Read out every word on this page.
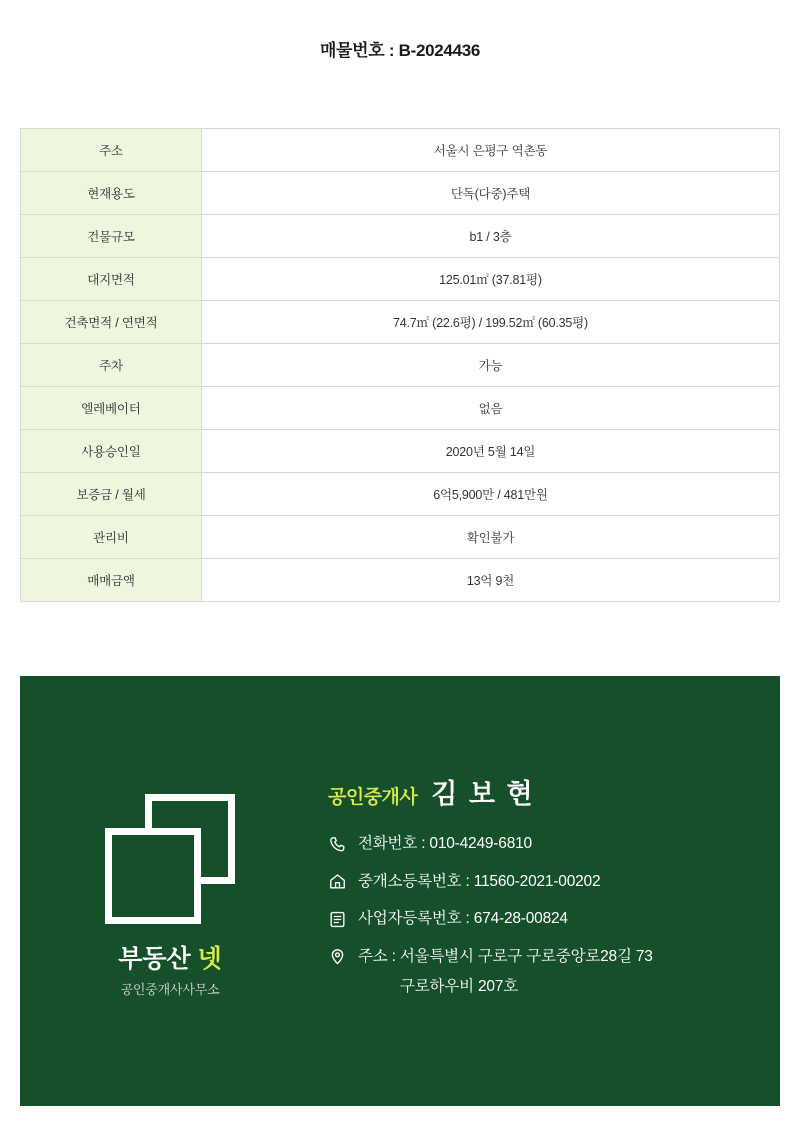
매물번호 : B-2024436
주소	서울시 은평구 역촌동
현재용도	단독(다중)주택
건물규모	b1 / 3층
대지면적	125.01㎡ (37.81평)
건축면적 / 연면적	74.7㎡ (22.6평) / 199.52㎡ (60.35평)
주차	가능
엘레베이터	없음
사용승인일	2020년 5월 14일
보증금 / 월세	6억5,900만 / 481만원
관리비	확인불가
매매금액	13억 9천
부동산 넷
공인중개사사무소
공인중개사 김 보 현
전화번호 : 010-4249-6810
중개소등록번호 : 11560-2021-00202
사업자등록번호 : 674-28-00824
주소 : 서울특별시 구로구 구로중앙로28길 73
구로하우비 207호
